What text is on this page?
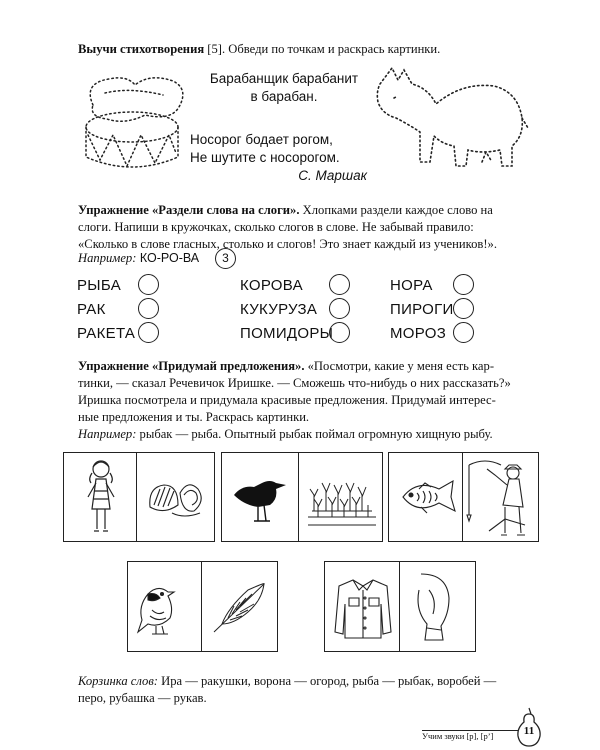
Выучи стихотворения [5]. Обведи по точкам и раскрась картинки.
Барабанщик барабанит
в барабан.
Носорог бодает рогом,
Не шутите с носорогом.
С. Маршак
Упражнение «Раздели слова на слоги». Хлопками раздели каждое слово на
слоги. Напиши в кружочках, сколько слогов в слове. Не забывай правило:
«Сколько в слове гласных, столько и слогов! Это знает каждый из учеников!».
Например: КО-РО-ВА	3
РЫБА
РАК
РАКЕТА
КОРОВА
КУКУРУЗА
ПОМИДОРЫ
НОРА
ПИРОГИ
МОРОЗ
Упражнение «Придумай предложения». «Посмотри, какие у меня есть кар-
тинки, — сказал Речевичок Иришке. — Сможешь что-нибудь о них рассказать?»
Иришка посмотрела и придумала красивые предложения. Придумай интерес-
ные предложения и ты. Раскрась картинки.
Например: рыбак — рыба. Опытный рыбак поймал огромную хищную рыбу.
Корзинка слов: Ира — ракушки, ворона — огород, рыба — рыбак, воробей —
перо, рубашка — рукав.
Учим звуки [р], [р’]	11
